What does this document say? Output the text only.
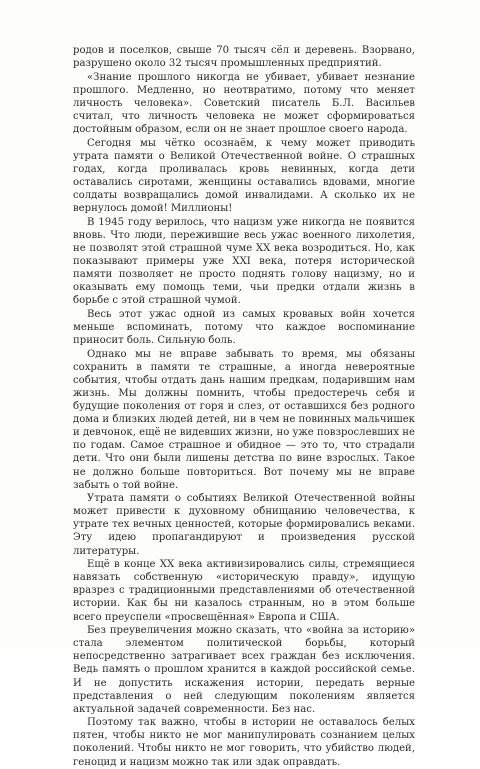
родов и поселков, свыше 70 тысяч сёл и деревень. Взорвано, разрушено около 32 тысяч промышленных предприятий.

«Знание прошлого никогда не убивает, убивает незнание прошлого. Медленно, но неотвратимо, потому что меняет личность человека». Советский писатель Б.Л. Васильев считал, что личность человека не может сформироваться достойным образом, если он не знает прошлое своего народа.

Сегодня мы чётко осознаём, к чему может приводить утрата памяти о Великой Отечественной войне. О страшных годах, когда проливалась кровь невинных, когда дети оставались сиротами, женщины оставались вдовами, многие солдаты возвращались домой инвалидами. А сколько их не вернулось домой! Миллионы!

В 1945 году верилось, что нацизм уже никогда не появится вновь. Что люди, пережившие весь ужас военного лихолетия, не позволят этой страшной чуме XX века возродиться. Но, как показывают примеры уже XXI века, потеря исторической памяти позволяет не просто поднять голову нацизму, но и оказывать ему помощь теми, чьи предки отдали жизнь в борьбе с этой страшной чумой.

Весь этот ужас одной из самых кровавых войн хочется меньше вспоминать, потому что каждое воспоминание приносит боль. Сильную боль.

Однако мы не вправе забывать то время, мы обязаны сохранить в памяти те страшные, а иногда невероятные события, чтобы отдать дань нашим предкам, подарившим нам жизнь. Мы должны помнить, чтобы предостеречь себя и будущие поколения от горя и слез, от оставшихся без родного дома и близких людей детей, ни в чем не повинных мальчишек и девчонок, ещё не видевших жизни, но уже повзрослевших не по годам. Самое страшное и обидное — это то, что страдали дети. Что они были лишены детства по вине взрослых. Такое не должно больше повториться. Вот почему мы не вправе забыть о той войне.

Утрата памяти о событиях Великой Отечественной войны может привести к духовному обнищанию человечества, к утрате тех вечных ценностей, которые формировались веками. Эту идею пропагандируют и произведения русской литературы.

Ещё в конце XX века активизировались силы, стремящиеся навязать собственную «историческую правду», идущую вразрез с традиционными представлениями об отечественной истории. Как бы ни казалось странным, но в этом больше всего преуспели «просвещённая» Европа и США.

Без преувеличения можно сказать, что «война за историю» стала элементом политической борьбы, который непосредственно затрагивает всех граждан без исключения. Ведь память о прошлом хранится в каждой российской семье. И не допустить искажения истории, передать верные представления о ней следующим поколениям является актуальной задачей современности. Без нас.

Поэтому так важно, чтобы в истории не оставалось белых пятен, чтобы никто не мог манипулировать сознанием целых поколений. Чтобы никто не мог говорить, что убийство людей, геноцид и нацизм можно так или здак оправдать.
